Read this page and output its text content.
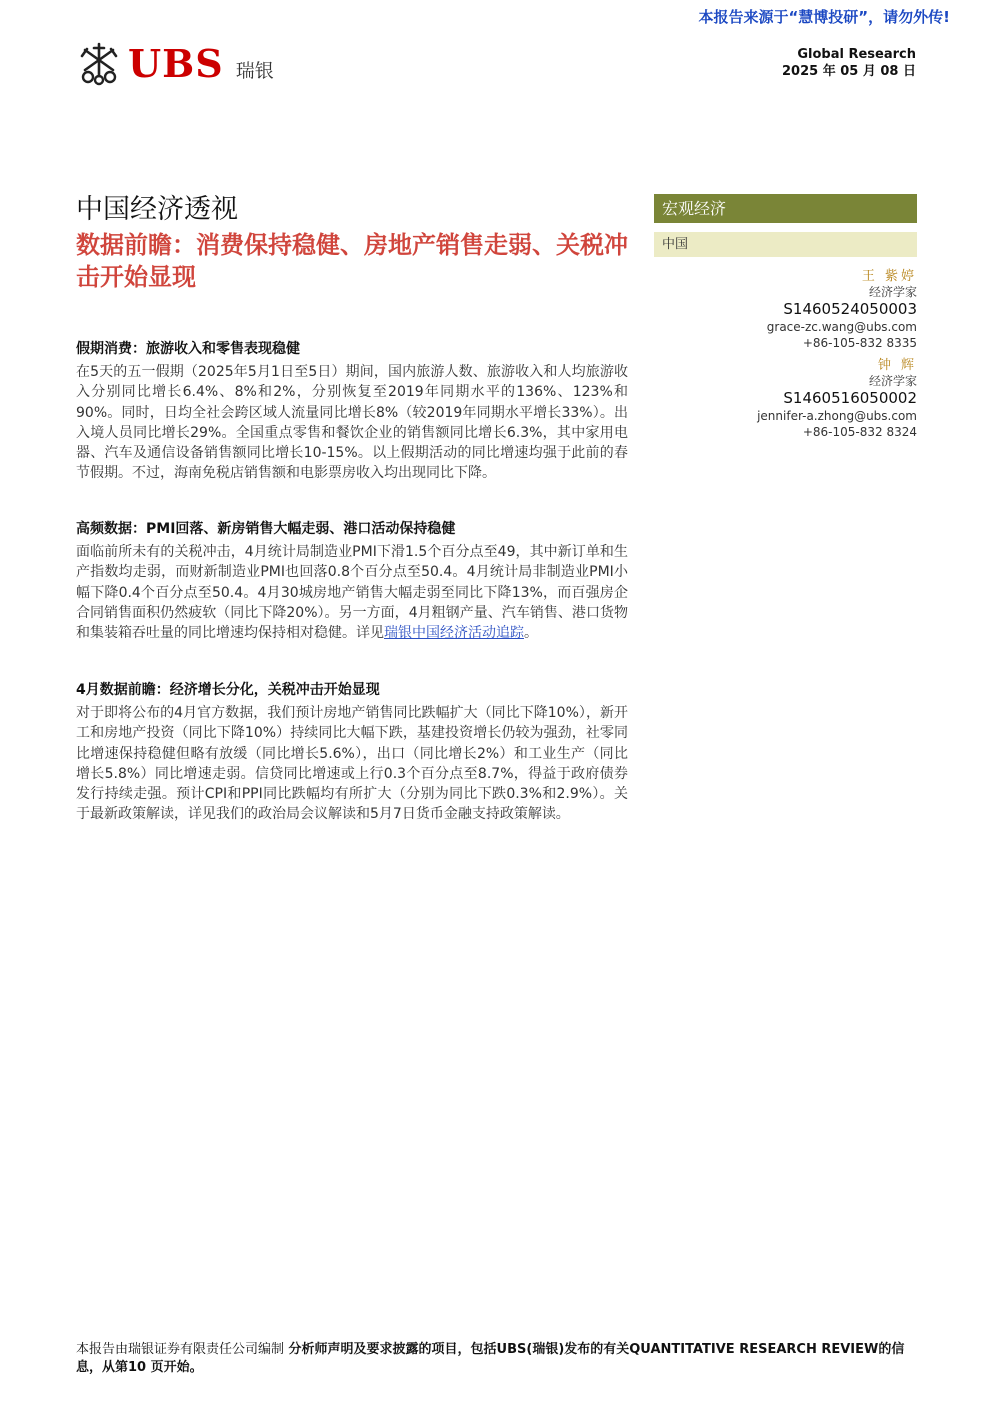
本报告来源于“慧博投研”，请勿外传!
UBS 瑞银
Global Research
2025 年 05 月 08 日
中国经济透视
数据前瞻：消费保持稳健、房地产销售走弱、关税冲击开始显现
宏观经济
中国
王 紫婷
经济学家
S1460524050003
grace-zc.wang@ubs.com
+86-105-832 8335
钟 辉
经济学家
S1460516050002
jennifer-a.zhong@ubs.com
+86-105-832 8324
假期消费：旅游收入和零售表现稳健
在5天的五一假期（2025年5月1日至5日）期间，国内旅游人数、旅游收入和人均旅游收入分别同比增长6.4%、8%和2%，分别恢复至2019年同期水平的136%、123%和90%。同时，日均全社会跨区域人流量同比增长8%（较2019年同期水平增长33%）。出入境人员同比增长29%。全国重点零售和餐饮企业的销售额同比增长6.3%，其中家用电器、汽车及通信设备销售额同比增长10-15%。以上假期活动的同比增速均强于此前的春节假期。不过，海南免税店销售额和电影票房收入均出现同比下降。
高频数据：PMI回落、新房销售大幅走弱、港口活动保持稳健
面临前所未有的关税冲击，4月统计局制造业PMI下滑1.5个百分点至49，其中新订单和生产指数均走弱，而财新制造业PMI也回落0.8个百分点至50.4。4月统计局非制造业PMI小幅下降0.4个百分点至50.4。4月30城房地产销售大幅走弱至同比下降13%，而百强房企合同销售面积仍然疲软（同比下降20%）。另一方面，4月粗钢产量、汽车销售、港口货物和集装箱吞吐量的同比增速均保持相对稳健。详见瑞银中国经济活动追踪。
4月数据前瞻：经济增长分化，关税冲击开始显现
对于即将公布的4月官方数据，我们预计房地产销售同比跌幅扩大（同比下降10%），新开工和房地产投资（同比下降10%）持续同比大幅下跌，基建投资增长仍较为强劲，社零同比增速保持稳健但略有放缓（同比增长5.6%），出口（同比增长2%）和工业生产（同比增长5.8%）同比增速走弱。信贷同比增速或上行0.3个百分点至8.7%，得益于政府债券发行持续走强。预计CPI和PPI同比跌幅均有所扩大（分别为同比下跌0.3%和2.9%）。关于最新政策解读，详见我们的政治局会议解读和5月7日货币金融支持政策解读。
本报告由瑞银证券有限责任公司编制 分析师声明及要求披露的项目，包括UBS(瑞银)发布的有关QUANTITATIVE RESEARCH REVIEW的信息，从第10 页开始。
